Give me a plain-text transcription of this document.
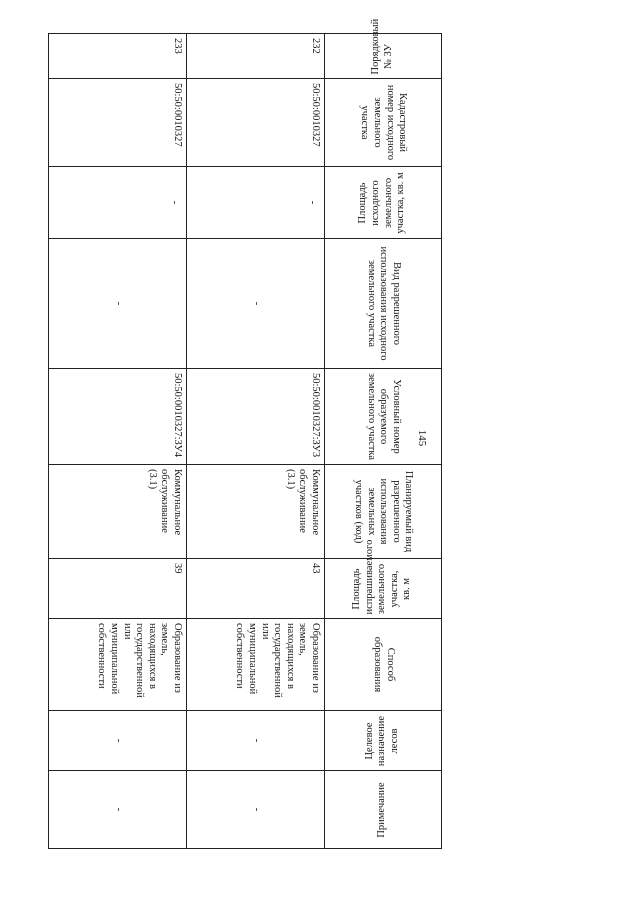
145
Порядковый № ЗУ	Кадастровый номер исходного земельного участка	Площадь исходного земельного участка, кв. м	Вид разрешенного использования исходного земельного участка	Условный номер образуемого земельного участка	Планируемый вид разрешенного использования земельных участков (код)	Площадь испрашиваемого земельного участка, кв. м	Способ образования	Целевое назначение лесов	Примечание
232	50:50:0010327	-	-	50:50:0010327:ЗУ3	Коммунальное обслуживание (3.1)	43	Образование из земель, находящихся в государственной или муниципальной собственности	-	-
233	50:50:0010327	-	-	50:50:0010327:ЗУ4	Коммунальное обслуживание (3.1)	39	Образование из земель, находящихся в государственной или муниципальной собственности	-	-
